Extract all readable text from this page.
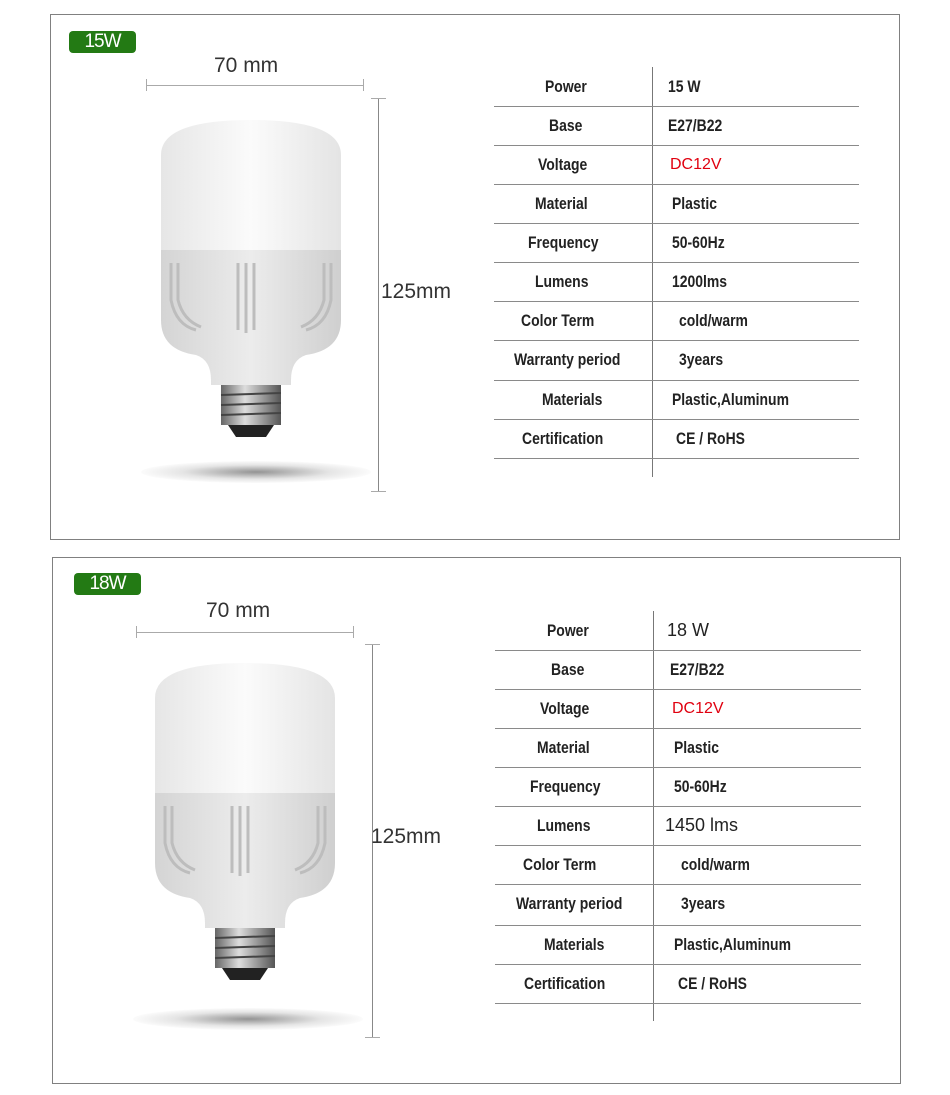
15W
70 mm
125mm
Power	15 W
Base	E27/B22
Voltage	DC12V
Material	Plastic
Frequency	50-60Hz
Lumens	1200lms
Color Term	cold/warm
Warranty period	3years
Materials	Plastic,Aluminum
Certification	CE / RoHS
18W
70 mm
125mm
Power	18 W
Base	E27/B22
Voltage	DC12V
Material	Plastic
Frequency	50-60Hz
Lumens	1450 lms
Color Term	cold/warm
Warranty period	3years
Materials	Plastic,Aluminum
Certification	CE / RoHS
